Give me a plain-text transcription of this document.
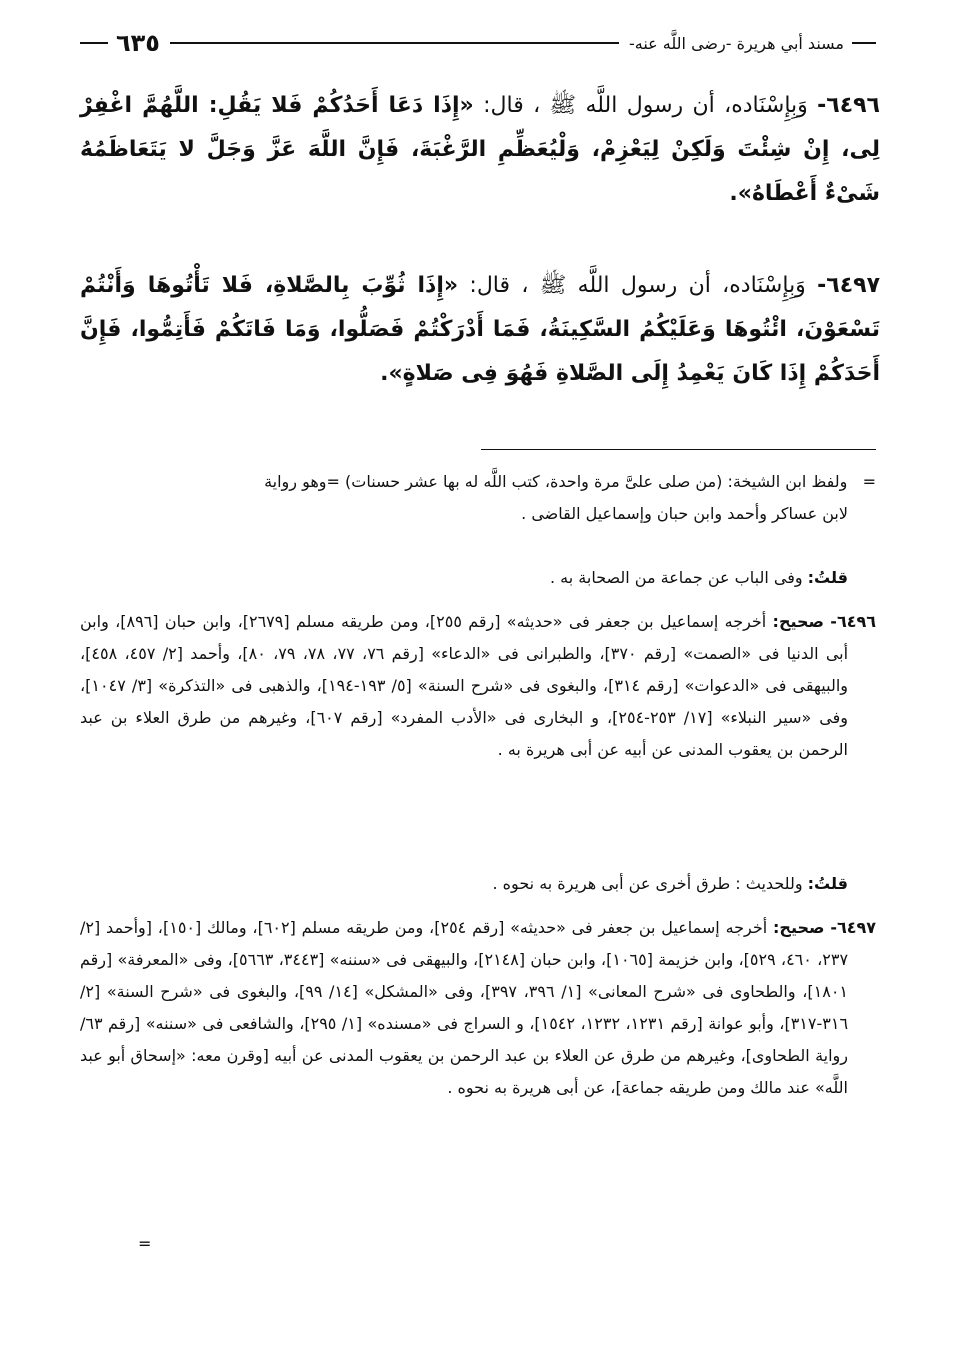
مسند أبي هريرة -رضى اللَّه عنه-
٦٣٥

٦٤٩٦- وَبِإِسْنَاده، أن رسول اللَّه ﷺ ، قال: «إِذَا دَعَا أَحَدُكُمْ فَلا يَقُلِ: اللَّهُمَّ اغْفِرْ لِى، إِنْ شِئْتَ وَلَكِنْ لِيَعْزِمْ، وَلْيُعَظِّمِ الرَّغْبَةَ، فَإِنَّ اللَّهَ عَزَّ وَجَلَّ لا يَتَعَاظَمُهُ شَىْءٌ أَعْطَاهُ».

٦٤٩٧- وَبِإِسْنَاده، أن رسول اللَّه ﷺ ، قال: «إِذَا ثُوِّبَ بِالصَّلاةِ، فَلا تَأْتُوهَا وَأَنْتُمْ تَسْعَوْنَ، ائْتُوهَا وَعَلَيْكُمُ السَّكِينَةُ، فَمَا أَدْرَكْتُمْ فَصَلُّوا، وَمَا فَاتَكُمْ فَأَتِمُّوا، فَإِنَّ أَحَدَكُمْ إِذَا كَانَ يَعْمِدُ إِلَى الصَّلاةِ فَهُوَ فِى صَلاةٍ».

=   ولفظ ابن الشيخة: (من صلى علىَّ مرة واحدة، كتب اللَّه له بها عشر حسنات) =وهو رواية
لابن عساكر وأحمد وابن حبان وإسماعيل القاضى .
قلتُ: وفى الباب عن جماعة من الصحابة به .
٦٤٩٦- صحيح: أخرجه إسماعيل بن جعفر فى «حديثه» [رقم ٢٥٥]، ومن طريقه مسلم [٢٦٧٩]، وابن حبان [٨٩٦]، وابن أبى الدنيا فى «الصمت» [رقم ٣٧٠]، والطبرانى فى «الدعاء» [رقم ٧٦، ٧٧، ٧٨، ٧٩، ٨٠]، وأحمد [٢/ ٤٥٧، ٤٥٨]، والبيهقى فى «الدعوات» [رقم ٣١٤]، والبغوى فى «شرح السنة» [٥/ ١٩٣-١٩٤]، والذهبى فى «التذكرة» [٣/ ١٠٤٧]، وفى «سير النبلاء» [١٧/ ٢٥٣-٢٥٤]، و البخارى فى «الأدب المفرد» [رقم ٦٠٧]، وغيرهم من طرق العلاء بن عبد الرحمن بن يعقوب المدنى عن أبيه عن أبى هريرة به .
قلتُ: وللحديث : طرق أخرى عن أبى هريرة به نحوه .
٦٤٩٧- صحيح: أخرجه إسماعيل بن جعفر فى «حديثه» [رقم ٢٥٤]، ومن طريقه مسلم [٦٠٢]، ومالك [١٥٠]، [وأحمد [٢/ ٢٣٧، ٤٦٠، ٥٢٩]، وابن خزيمة [١٠٦٥]، وابن حبان [٢١٤٨]، والبيهقى فى «سننه» [٣٤٤٣، ٥٦٦٣]، وفى «المعرفة» [رقم ١٨٠١]، والطحاوى فى «شرح المعانى» [١/ ٣٩٦، ٣٩٧]، وفى «المشكل» [١٤/ ٩٩]، والبغوى فى «شرح السنة» [٢/ ٣١٦-٣١٧]، وأبو عوانة [رقم ١٢٣١، ١٢٣٢، ١٥٤٢]، و السراج فى «مسنده» [١/ ٢٩٥]، والشافعى فى «سننه» [رقم ٦٣/ رواية الطحاوى]، وغيرهم من طرق عن العلاء بن عبد الرحمن بن يعقوب المدنى عن أبيه [وقرن معه: «إسحاق أبو عبد اللَّه» عند مالك ومن طريقه جماعة]، عن أبى هريرة به نحوه .
=
